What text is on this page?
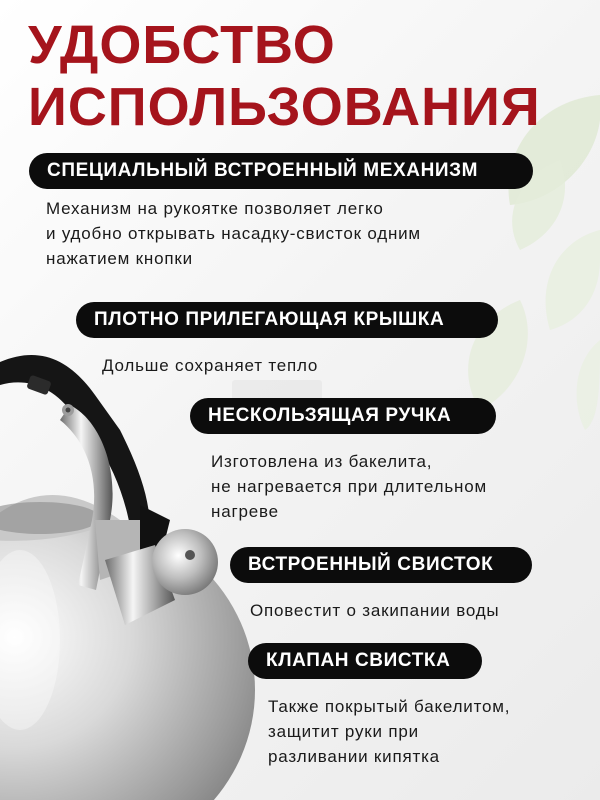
УДОБСТВО
ИСПОЛЬЗОВАНИЯ
СПЕЦИАЛЬНЫЙ ВСТРОЕННЫЙ МЕХАНИЗМ

Механизм на рукоятке позволяет легко
и удобно открывать насадку-свисток одним
нажатием кнопки

ПЛОТНО ПРИЛЕГАЮЩАЯ КРЫШКА

Дольше сохраняет тепло

НЕСКОЛЬЗЯЩАЯ РУЧКА

Изготовлена из бакелита,
не нагревается при длительном
нагреве

ВСТРОЕННЫЙ СВИСТОК

Оповестит о закипании воды

КЛАПАН СВИСТКА

Также покрытый бакелитом,
защитит руки при
разливании кипятка
